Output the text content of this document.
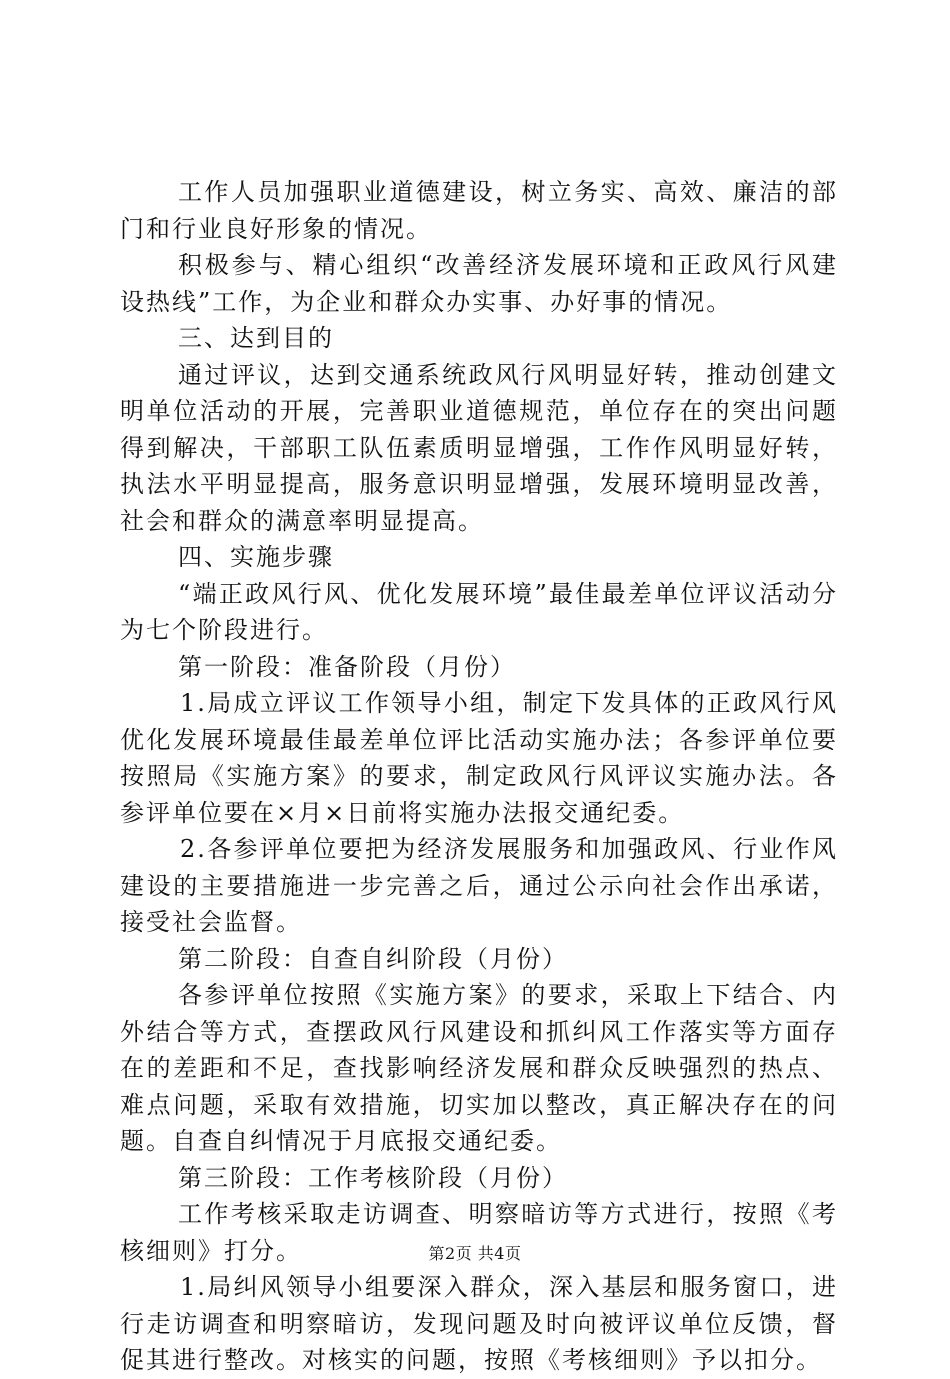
工作人员加强职业道德建设，树立务实、高效、廉洁的部门和行业良好形象的情况。

积极参与、精心组织“改善经济发展环境和正政风行风建设热线”工作，为企业和群众办实事、办好事的情况。

三、达到目的

通过评议，达到交通系统政风行风明显好转，推动创建文明单位活动的开展，完善职业道德规范，单位存在的突出问题得到解决，干部职工队伍素质明显增强，工作作风明显好转，执法水平明显提高，服务意识明显增强，发展环境明显改善，社会和群众的满意率明显提高。

四、实施步骤

“端正政风行风、优化发展环境”最佳最差单位评议活动分为七个阶段进行。

第一阶段：准备阶段（月份）

1.局成立评议工作领导小组，制定下发具体的正政风行风优化发展环境最佳最差单位评比活动实施办法；各参评单位要按照局《实施方案》的要求，制定政风行风评议实施办法。各参评单位要在×月×日前将实施办法报交通纪委。

2.各参评单位要把为经济发展服务和加强政风、行业作风建设的主要措施进一步完善之后，通过公示向社会作出承诺，接受社会监督。

第二阶段：自查自纠阶段（月份）

各参评单位按照《实施方案》的要求，采取上下结合、内外结合等方式，查摆政风行风建设和抓纠风工作落实等方面存在的差距和不足，查找影响经济发展和群众反映强烈的热点、难点问题，采取有效措施，切实加以整改，真正解决存在的问题。自查自纠情况于月底报交通纪委。

第三阶段：工作考核阶段（月份）

工作考核采取走访调查、明察暗访等方式进行，按照《考核细则》打分。

1.局纠风领导小组要深入群众，深入基层和服务窗口，进行走访调查和明察暗访，发现问题及时向被评议单位反馈，督促其进行整改。对核实的问题，按照《考核细则》予以扣分。

第2页 共4页
